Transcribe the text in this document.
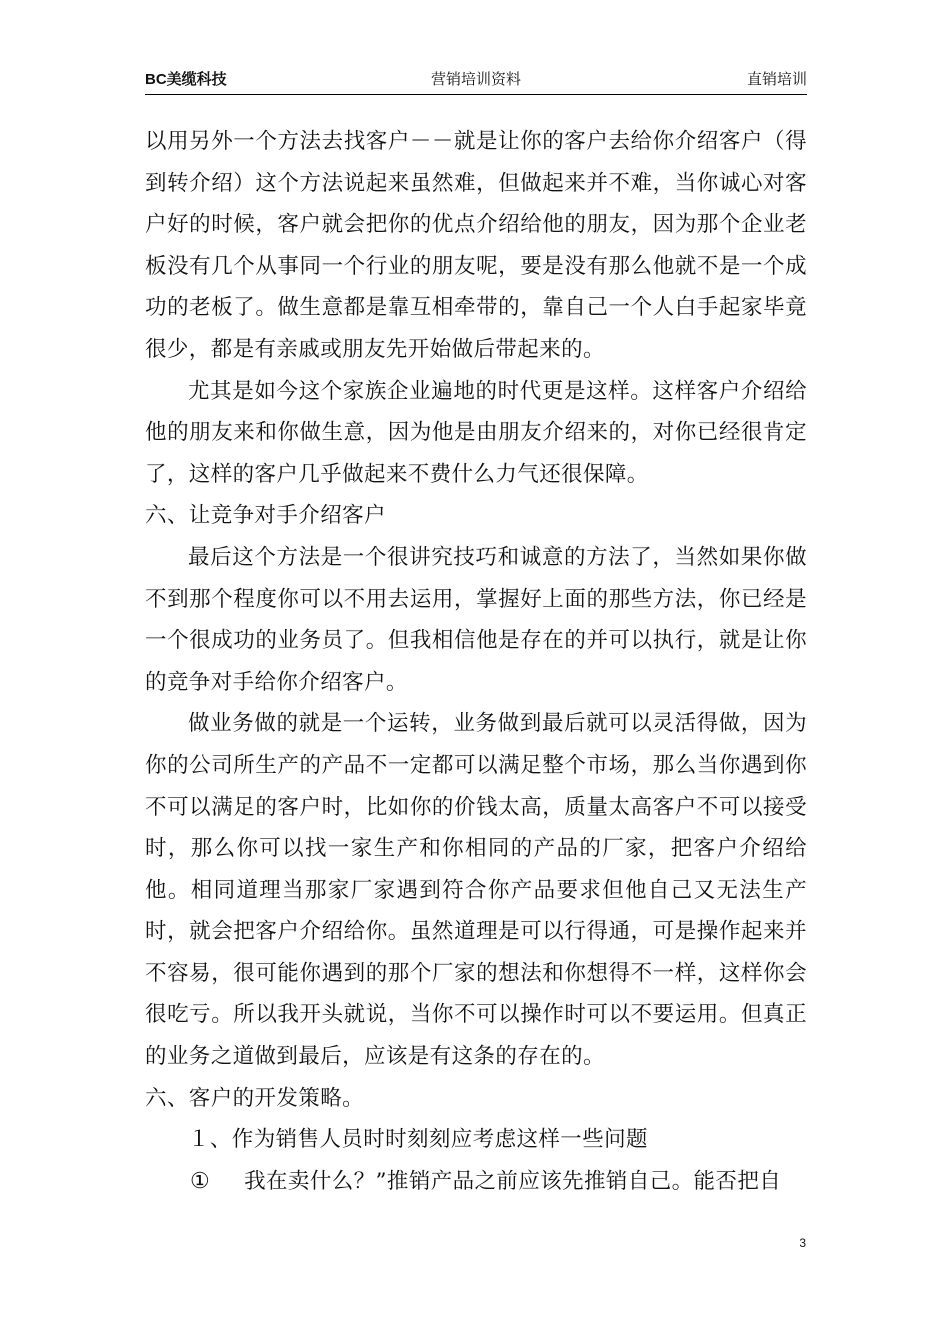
BC美缆科技	营销培训资料	直销培训

以用另外一个方法去找客户－－就是让你的客户去给你介绍客户（得到转介绍）这个方法说起来虽然难，但做起来并不难，当你诚心对客户好的时候，客户就会把你的优点介绍给他的朋友，因为那个企业老板没有几个从事同一个行业的朋友呢，要是没有那么他就不是一个成功的老板了。做生意都是靠互相牵带的，靠自己一个人白手起家毕竟很少，都是有亲戚或朋友先开始做后带起来的。

尤其是如今这个家族企业遍地的时代更是这样。这样客户介绍给他的朋友来和你做生意，因为他是由朋友介绍来的，对你已经很肯定了，这样的客户几乎做起来不费什么力气还很保障。

六、让竞争对手介绍客户

最后这个方法是一个很讲究技巧和诚意的方法了，当然如果你做不到那个程度你可以不用去运用，掌握好上面的那些方法，你已经是一个很成功的业务员了。但我相信他是存在的并可以执行，就是让你的竞争对手给你介绍客户。

做业务做的就是一个运转，业务做到最后就可以灵活得做，因为你的公司所生产的产品不一定都可以满足整个市场，那么当你遇到你不可以满足的客户时，比如你的价钱太高，质量太高客户不可以接受时，那么你可以找一家生产和你相同的产品的厂家，把客户介绍给他。相同道理当那家厂家遇到符合你产品要求但他自己又无法生产时，就会把客户介绍给你。虽然道理是可以行得通，可是操作起来并不容易，很可能你遇到的那个厂家的想法和你想得不一样，这样你会很吃亏。所以我开头就说，当你不可以操作时可以不要运用。但真正的业务之道做到最后，应该是有这条的存在的。

六、客户的开发策略。

１、作为销售人员时时刻刻应考虑这样一些问题

① 我在卖什么？”推销产品之前应该先推销自己。能否把自

3
